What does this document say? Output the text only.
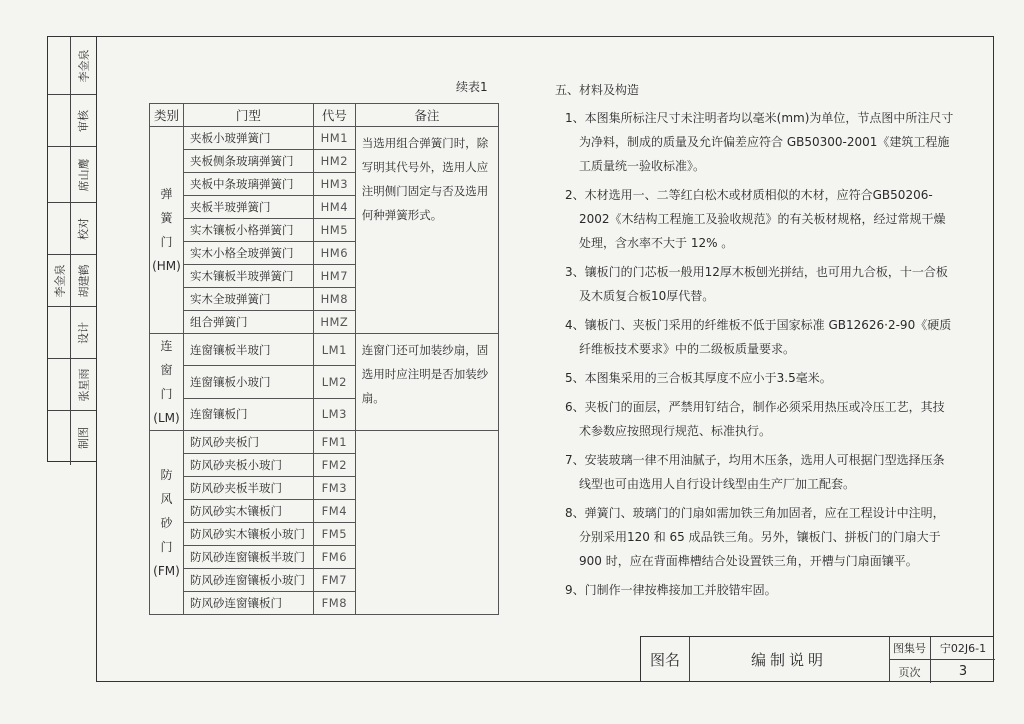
李金泉
审核
席山鹰
校对
李金泉 胡建鹤
设计
张星雨
制图
续表1
类别	门型	代号	备注

弹
簧
门
(HM)	夹板小玻弹簧门	HM1	当选用组合弹簧门时，除写明其代号外，选用人应注明侧门固定与否及选用何种弹簧形式。
	夹板侧条玻璃弹簧门	HM2	
	夹板中条玻璃弹簧门	HM3	
	夹板半玻弹簧门	HM4	
	实木镶板小格弹簧门	HM5	
	实木小格全玻弹簧门	HM6	
	实木镶板半玻弹簧门	HM7	
	实木全玻弹簧门	HM8	
	组合弹簧门	HMZ	

连
窗
门
(LM)	连窗镶板半玻门	LM1	连窗门还可加装纱扇，固选用时应注明是否加装纱扇。
	连窗镶板小玻门	LM2	
	连窗镶板门	LM3	

防
风
砂
门
(FM)	防风砂夹板门	FM1	
	防风砂夹板小玻门	FM2	
	防风砂夹板半玻门	FM3	
	防风砂实木镶板门	FM4	
	防风砂实木镶板小玻门	FM5	
	防风砂连窗镶板半玻门	FM6	
	防风砂连窗镶板小玻门	FM7	
	防风砂连窗镶板门	FM8	
五、材料及构造
1、本图集所标注尺寸未注明者均以毫米(mm)为单位，节点图中所注尺寸为净料，制成的质量及允许偏差应符合 GB50300-2001《建筑工程施工质量统一验收标准》。
2、木材选用一、二等红白松木或材质相似的木材，应符合GB50206-2002《木结构工程施工及验收规范》的有关板材规格，经过常规干燥处理，含水率不大于 12% 。
3、镶板门的门芯板一般用12厚木板刨光拼结，也可用九合板，十一合板及木质复合板10厚代替。
4、镶板门、夹板门采用的纤维板不低于国家标准 GB12626·2-90《硬质纤维板技术要求》中的二级板质量要求。
5、本图集采用的三合板其厚度不应小于3.5毫米。
6、夹板门的面层，严禁用钉结合，制作必须采用热压或冷压工艺，其技术参数应按照现行规范、标准执行。
7、安装玻璃一律不用油腻子，均用木压条，选用人可根据门型选择压条线型也可由选用人自行设计线型由生产厂加工配套。
8、弹簧门、玻璃门的门扇如需加铁三角加固者，应在工程设计中注明，分别采用120 和 65 成品铁三角。另外，镶板门、拼板门的门扇大于 900 时，应在背面榫槽结合处设置铁三角，开槽与门扇面镶平。
9、门制作一律按榫接加工并胶错牢固。
图名	编制说明
图集号	宁02J6-1
页次	3
